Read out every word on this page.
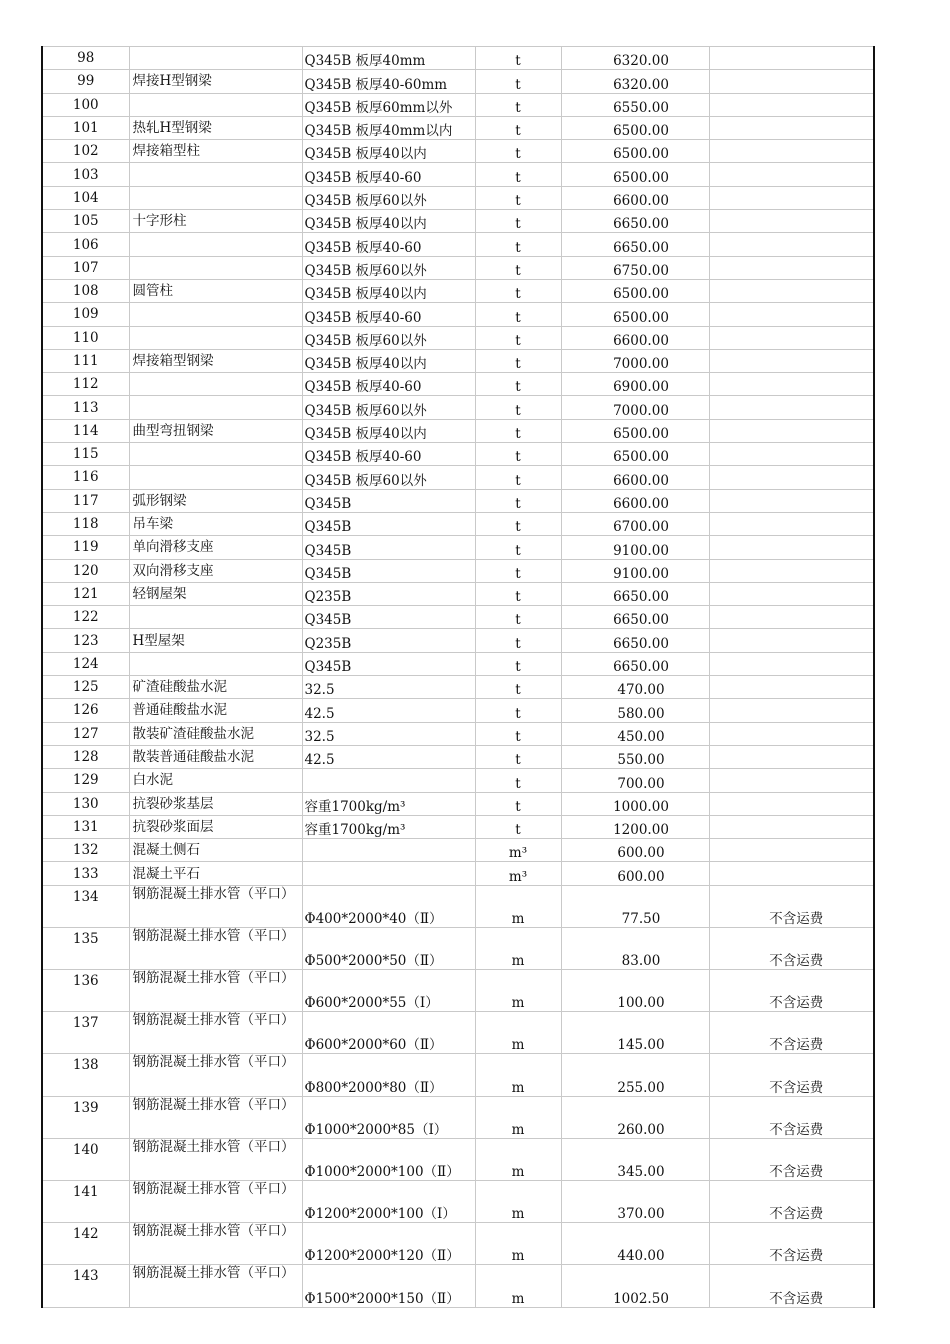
98		Q345B 板厚40mm	t	6320.00	
99	焊接H型钢梁	Q345B 板厚40-60mm	t	6320.00	
100		Q345B 板厚60mm以外	t	6550.00	
101	热轧H型钢梁	Q345B 板厚40mm以内	t	6500.00	
102	焊接箱型柱	Q345B 板厚40以内	t	6500.00	
103		Q345B 板厚40-60	t	6500.00	
104		Q345B 板厚60以外	t	6600.00	
105	十字形柱	Q345B 板厚40以内	t	6650.00	
106		Q345B 板厚40-60	t	6650.00	
107		Q345B 板厚60以外	t	6750.00	
108	圆管柱	Q345B 板厚40以内	t	6500.00	
109		Q345B 板厚40-60	t	6500.00	
110		Q345B 板厚60以外	t	6600.00	
111	焊接箱型钢梁	Q345B 板厚40以内	t	7000.00	
112		Q345B 板厚40-60	t	6900.00	
113		Q345B 板厚60以外	t	7000.00	
114	曲型弯扭钢梁	Q345B 板厚40以内	t	6500.00	
115		Q345B 板厚40-60	t	6500.00	
116		Q345B 板厚60以外	t	6600.00	
117	弧形钢梁	Q345B	t	6600.00	
118	吊车梁	Q345B	t	6700.00	
119	单向滑移支座	Q345B	t	9100.00	
120	双向滑移支座	Q345B	t	9100.00	
121	轻钢屋架	Q235B	t	6650.00	
122		Q345B	t	6650.00	
123	H型屋架	Q235B	t	6650.00	
124		Q345B	t	6650.00	
125	矿渣硅酸盐水泥	32.5	t	470.00	
126	普通硅酸盐水泥	42.5	t	580.00	
127	散装矿渣硅酸盐水泥	32.5	t	450.00	
128	散装普通硅酸盐水泥	42.5	t	550.00	
129	白水泥		t	700.00	
130	抗裂砂浆基层	容重1700kg/m³	t	1000.00	
131	抗裂砂浆面层	容重1700kg/m³	t	1200.00	
132	混凝土侧石		m³	600.00	
133	混凝土平石		m³	600.00	
134	钢筋混凝土排水管（平口）	Φ400*2000*40（Ⅱ）	m	77.50	不含运费
135	钢筋混凝土排水管（平口）	Φ500*2000*50（Ⅱ）	m	83.00	不含运费
136	钢筋混凝土排水管（平口）	Φ600*2000*55（Ⅰ）	m	100.00	不含运费
137	钢筋混凝土排水管（平口）	Φ600*2000*60（Ⅱ）	m	145.00	不含运费
138	钢筋混凝土排水管（平口）	Φ800*2000*80（Ⅱ）	m	255.00	不含运费
139	钢筋混凝土排水管（平口）	Φ1000*2000*85（Ⅰ）	m	260.00	不含运费
140	钢筋混凝土排水管（平口）	Φ1000*2000*100（Ⅱ）	m	345.00	不含运费
141	钢筋混凝土排水管（平口）	Φ1200*2000*100（Ⅰ）	m	370.00	不含运费
142	钢筋混凝土排水管（平口）	Φ1200*2000*120（Ⅱ）	m	440.00	不含运费
143	钢筋混凝土排水管（平口）	Φ1500*2000*150（Ⅱ）	m	1002.50	不含运费
